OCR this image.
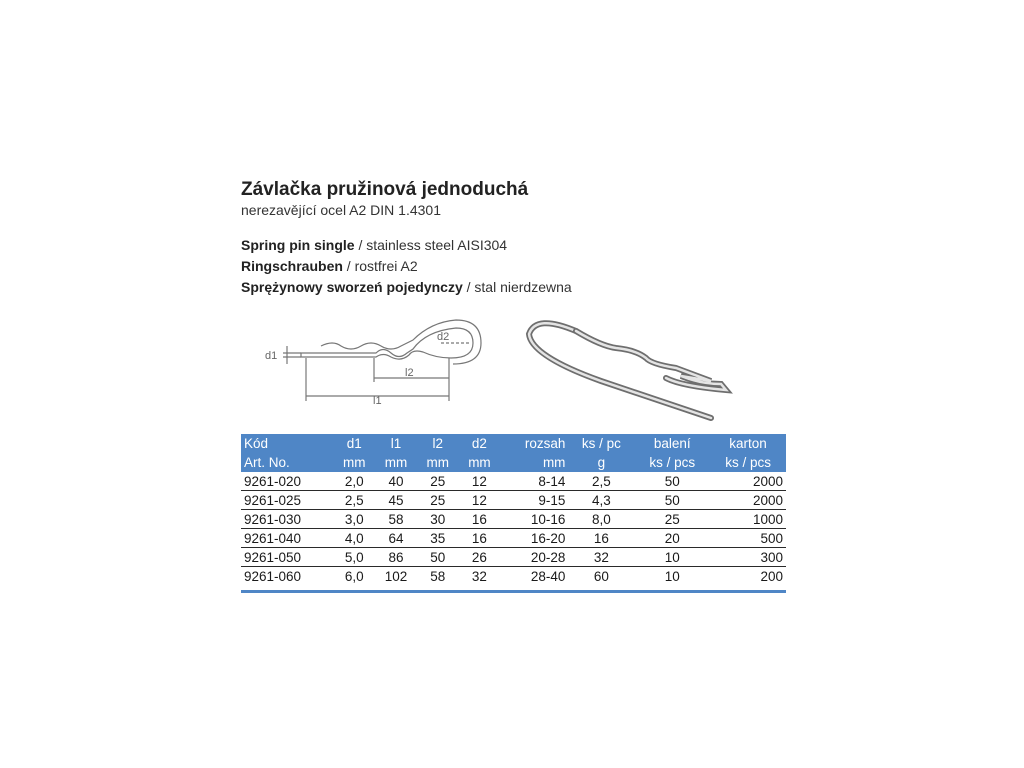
Závlačka pružinová jednoduchá
nerezavějící ocel A2 DIN 1.4301
Spring pin single / stainless steel AISI304
Ringschrauben / rostfrei A2
Sprężynowy sworzeń pojedynczy / stal nierdzewna
d1
d2
l2
l1
Kód	d1	l1	l2	d2	rozsah	ks / pc	balení	karton
Art. No.	mm	mm	mm	mm	mm	g	ks / pcs	ks / pcs
9261-020	2,0	40	25	12	8-14	2,5	50	2000
9261-025	2,5	45	25	12	9-15	4,3	50	2000
9261-030	3,0	58	30	16	10-16	8,0	25	1000
9261-040	4,0	64	35	16	16-20	16	20	500
9261-050	5,0	86	50	26	20-28	32	10	300
9261-060	6,0	102	58	32	28-40	60	10	200
